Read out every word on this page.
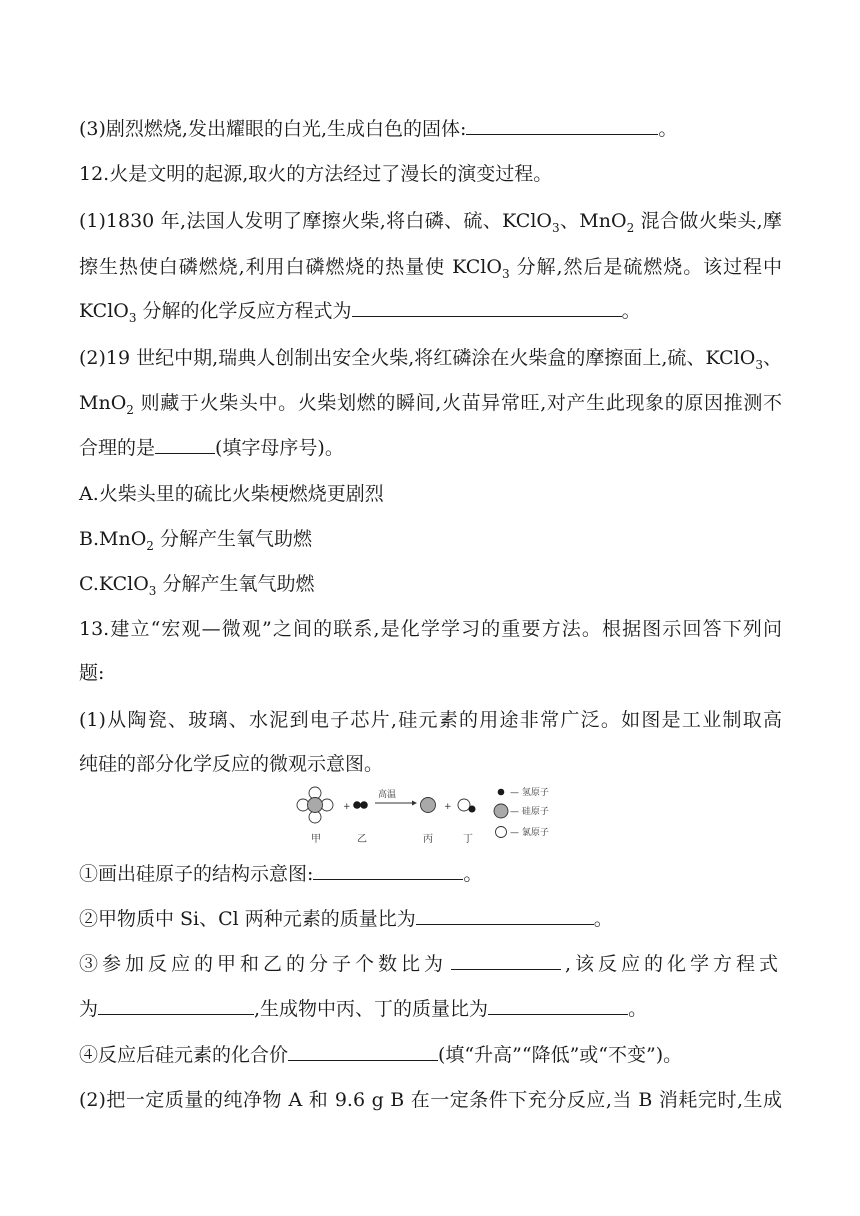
(3)剧烈燃烧,发出耀眼的白光,生成白色的固体:	。
12.火是文明的起源,取火的方法经过了漫长的演变过程。
(1)1830 年,法国人发明了摩擦火柴,将白磷、硫、KClO$_3$、MnO$_2$ 混合做火柴头,摩
擦生热使白磷燃烧,利用白磷燃烧的热量使 KClO$_3$ 分解,然后是硫燃烧。该过程中
KClO$_3$ 分解的化学反应方程式为	。
(2)19 世纪中期,瑞典人创制出安全火柴,将红磷涂在火柴盒的摩擦面上,硫、KClO$_3$、
MnO$_2$ 则藏于火柴头中。火柴划燃的瞬间,火苗异常旺,对产生此现象的原因推测不
合理的是	(填字母序号)。
A.火柴头里的硫比火柴梗燃烧更剧烈
B.MnO$_2$ 分解产生氧气助燃
C.KClO$_3$ 分解产生氧气助燃
13.建立“宏观—微观”之间的联系,是化学学习的重要方法。根据图示回答下列问
题:
(1)从陶瓷、玻璃、水泥到电子芯片,硅元素的用途非常广泛。如图是工业制取高
纯硅的部分化学反应的微观示意图。
+
高温
+
甲	乙	丙	丁
— 氢原子
— 硅原子
— 氯原子
①画出硅原子的结构示意图:	。
②甲物质中 Si、Cl 两种元素的质量比为	。
③参加反应的甲和乙的分子个数比为	,该反应的化学方程式
为	,生成物中丙、丁的质量比为	。
④反应后硅元素的化合价	(填“升高”“降低”或“不变”)。
(2)把一定质量的纯净物 A 和 9.6 g B 在一定条件下充分反应,当 B 消耗完时,生成
